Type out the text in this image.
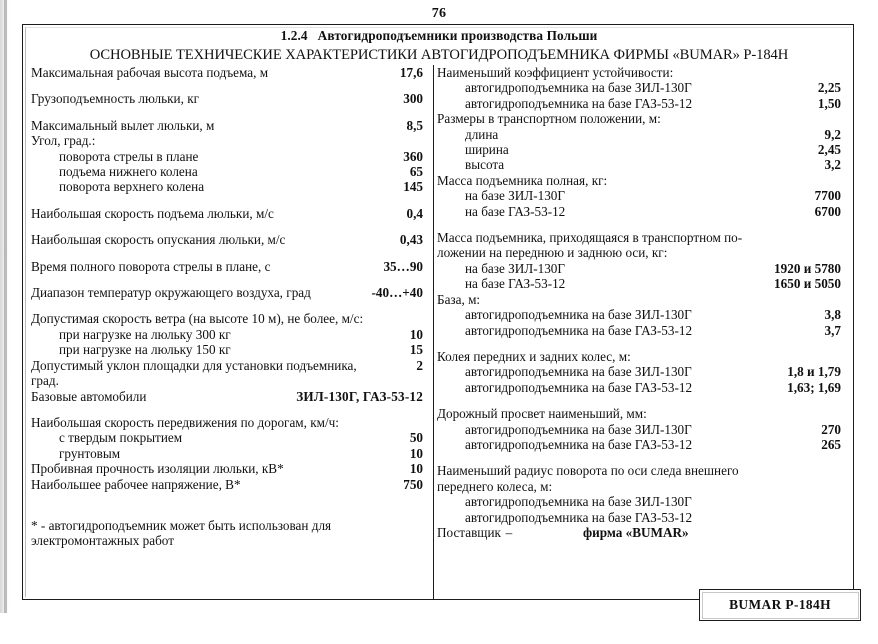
76
1.2.4 Автогидроподъемники производства Польши
ОСНОВНЫЕ ТЕХНИЧЕСКИЕ ХАРАКТЕРИСТИКИ АВТОГИДРОПОДЪЕМНИКА ФИРМЫ «BUMAR» Р-184Н
Максимальная рабочая высота подъема, м	17,6
Грузоподъемность люльки, кг	300
Максимальный вылет люльки, м	8,5
Угол, град.:
поворота стрелы в плане	360
подъема нижнего колена	65
поворота верхнего колена	145
Наибольшая скорость подъема люльки, м/с	0,4
Наибольшая скорость опускания люльки, м/с	0,43
Время полного поворота стрелы в плане, с	35…90
Диапазон температур окружающего воздуха, град	-40…+40
Допустимая скорость ветра (на высоте 10 м), не более, м/с:
при нагрузке на люльку 300 кг	10
при нагрузке на люльку 150 кг	15
Допустимый уклон площадки для установки подъемника,	2
град.
Базовые автомобили	ЗИЛ-130Г, ГАЗ-53-12
Наибольшая скорость передвижения по дорогам, км/ч:
с твердым покрытием	50
грунтовым	10
Пробивная прочность изоляции люльки, кВ*	10
Наибольшее рабочее напряжение, В*	750
* - автогидроподъемник может быть использован для
электромонтажных работ
Наименьший коэффициент устойчивости:
автогидроподъемника на базе ЗИЛ-130Г	2,25
автогидроподъемника на базе ГАЗ-53-12	1,50
Размеры в транспортном положении, м:
длина	9,2
ширина	2,45
высота	3,2
Масса подъемника полная, кг:
на базе ЗИЛ-130Г	7700
на базе ГАЗ-53-12	6700
Масса подъемника, приходящаяся в транспортном по-
ложении на переднюю и заднюю оси, кг:
на базе ЗИЛ-130Г	1920 и 5780
на базе ГАЗ-53-12	1650 и 5050
База, м:
автогидроподъемника на базе ЗИЛ-130Г	3,8
автогидроподъемника на базе ГАЗ-53-12	3,7
Колея передних и задних колес, м:
автогидроподъемника на базе ЗИЛ-130Г	1,8 и 1,79
автогидроподъемника на базе ГАЗ-53-12	1,63; 1,69
Дорожный просвет наименьший, мм:
автогидроподъемника на базе ЗИЛ-130Г	270
автогидроподъемника на базе ГАЗ-53-12	265
Наименьший радиус поворота по оси следа внешнего
переднего колеса, м:
автогидроподъемника на базе ЗИЛ-130Г
автогидроподъемника на базе ГАЗ-53-12
Поставщик –	фирма «BUMAR»
BUMAR Р-184Н
